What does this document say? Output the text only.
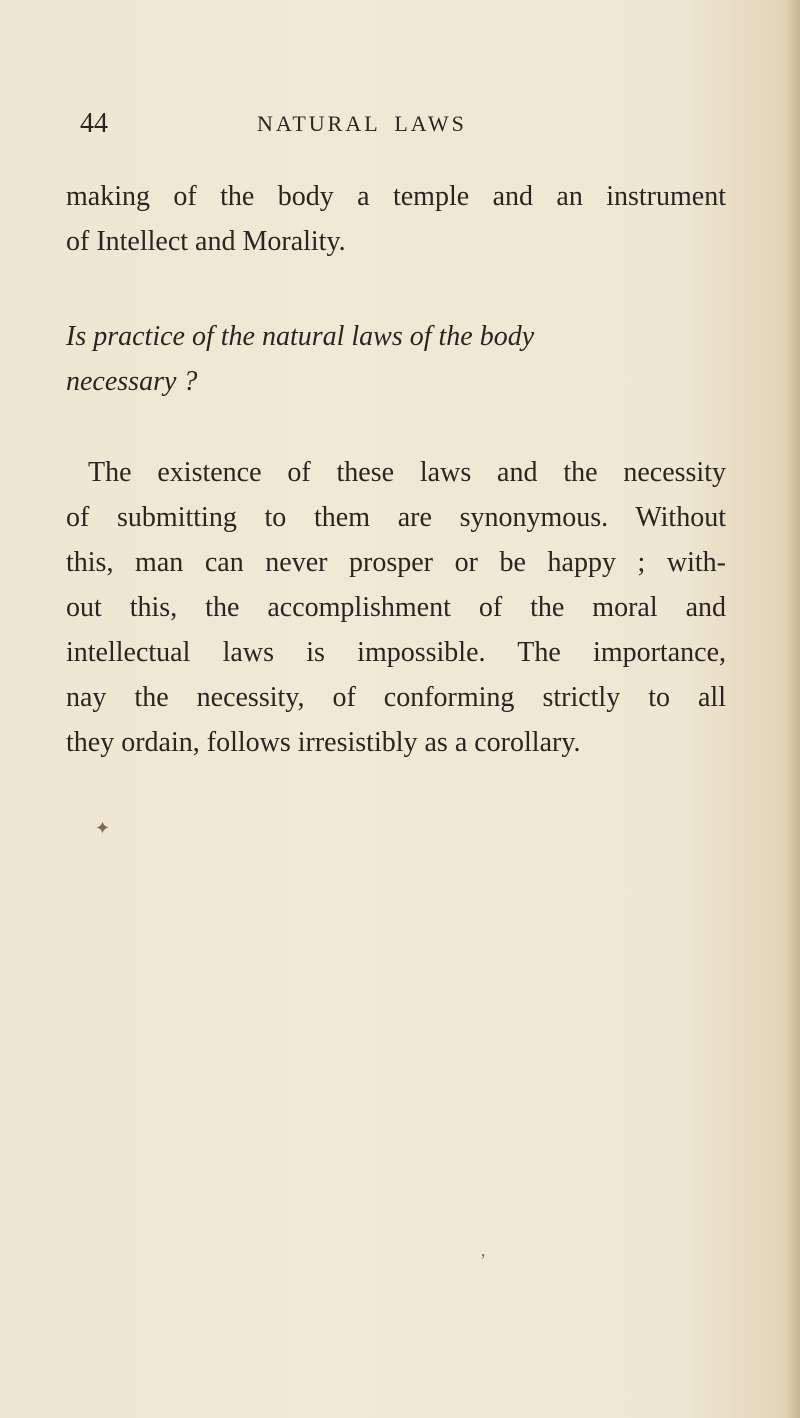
44	NATURAL LAWS

making of the body a temple and an instrument
of Intellect and Morality.

Is practice of the natural laws of the body
necessary ?

The existence of these laws and the necessity
of submitting to them are synonymous. Without
this, man can never prosper or be happy ; with-
out this, the accomplishment of the moral and
intellectual laws is impossible. The importance,
nay the necessity, of conforming strictly to all
they ordain, follows irresistibly as a corollary.
✦
’
